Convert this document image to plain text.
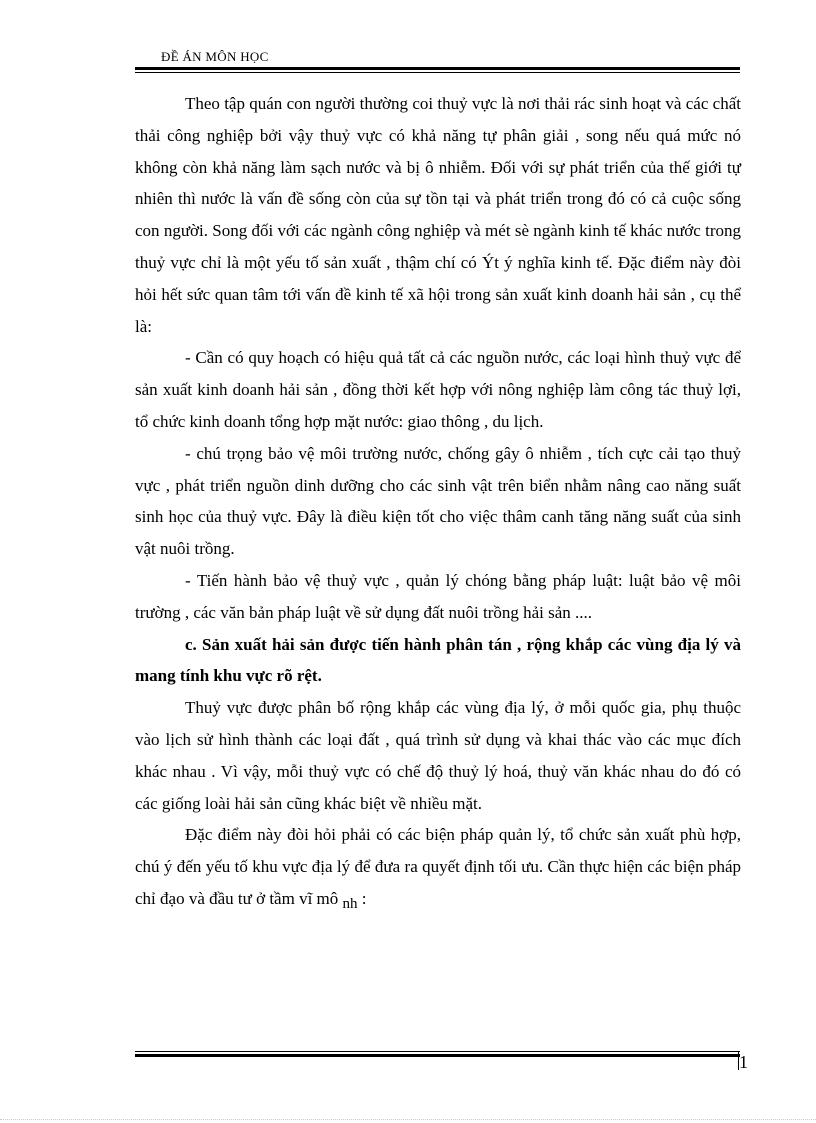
ĐỀ ÁN MÔN HỌC

Theo tập quán con người thường coi thuỷ vực là nơi thải rác sinh hoạt và các chất thải công nghiệp bởi vậy thuỷ vực có khả năng tự phân giải , song nếu quá mức nó không còn khả năng làm sạch nước và bị ô nhiễm. Đối với sự phát triển của thế giới tự nhiên thì nước là vấn đề sống còn của sự tồn tại và phát triển trong đó có cả cuộc sống con người. Song đối với các ngành công nghiệp và mét sè ngành kinh tế khác nước trong thuỷ vực chỉ là một yếu tố sản xuất , thậm chí có Ýt ý nghĩa kinh tế. Đặc điểm này đòi hỏi hết sức quan tâm tới vấn đề kinh tế xã hội trong sản xuất kinh doanh hải sản , cụ thể là:

- Cần có quy hoạch có hiệu quả tất cả các nguồn nước, các loại hình thuỷ vực để sản xuất kinh doanh hải sản , đồng thời kết hợp với nông nghiệp làm công tác thuỷ lợi, tổ chức kinh doanh tổng hợp mặt nước: giao thông , du lịch.

- chú trọng bảo vệ môi trường nước, chống gây ô nhiễm , tích cực cải tạo thuỷ vực , phát triển nguồn dinh dưỡng cho các sinh vật trên biển nhằm nâng cao năng suất sinh học của thuỷ vực. Đây là điều kiện tốt cho việc thâm canh tăng năng suất của sinh vật nuôi trồng.

- Tiến hành bảo vệ thuỷ vực , quản lý chóng bằng pháp luật: luật bảo vệ môi trường , các văn bản pháp luật về sử dụng đất nuôi trồng hải sản ....

c. Sản xuất hải sản được tiến hành phân tán , rộng khắp các vùng địa lý và mang tính khu vực rõ rệt.

Thuỷ vực được phân bố rộng khắp các vùng địa lý, ở mỗi quốc gia, phụ thuộc vào lịch sử hình thành các loại đất , quá trình sử dụng và khai thác vào các mục đích khác nhau . Vì vậy, mỗi thuỷ vực có chế độ thuỷ lý hoá, thuỷ văn khác nhau do đó có các giống loài hải sản cũng khác biệt về nhiều mặt.

Đặc điểm này đòi hỏi phải có các biện pháp quản lý, tổ chức sản xuất phù hợp, chú ý đến yếu tố khu vực địa lý để đưa ra quyết định tối ưu. Cần thực hiện các biện pháp chỉ đạo và đầu tư ở tầm vĩ mô nh :

1
